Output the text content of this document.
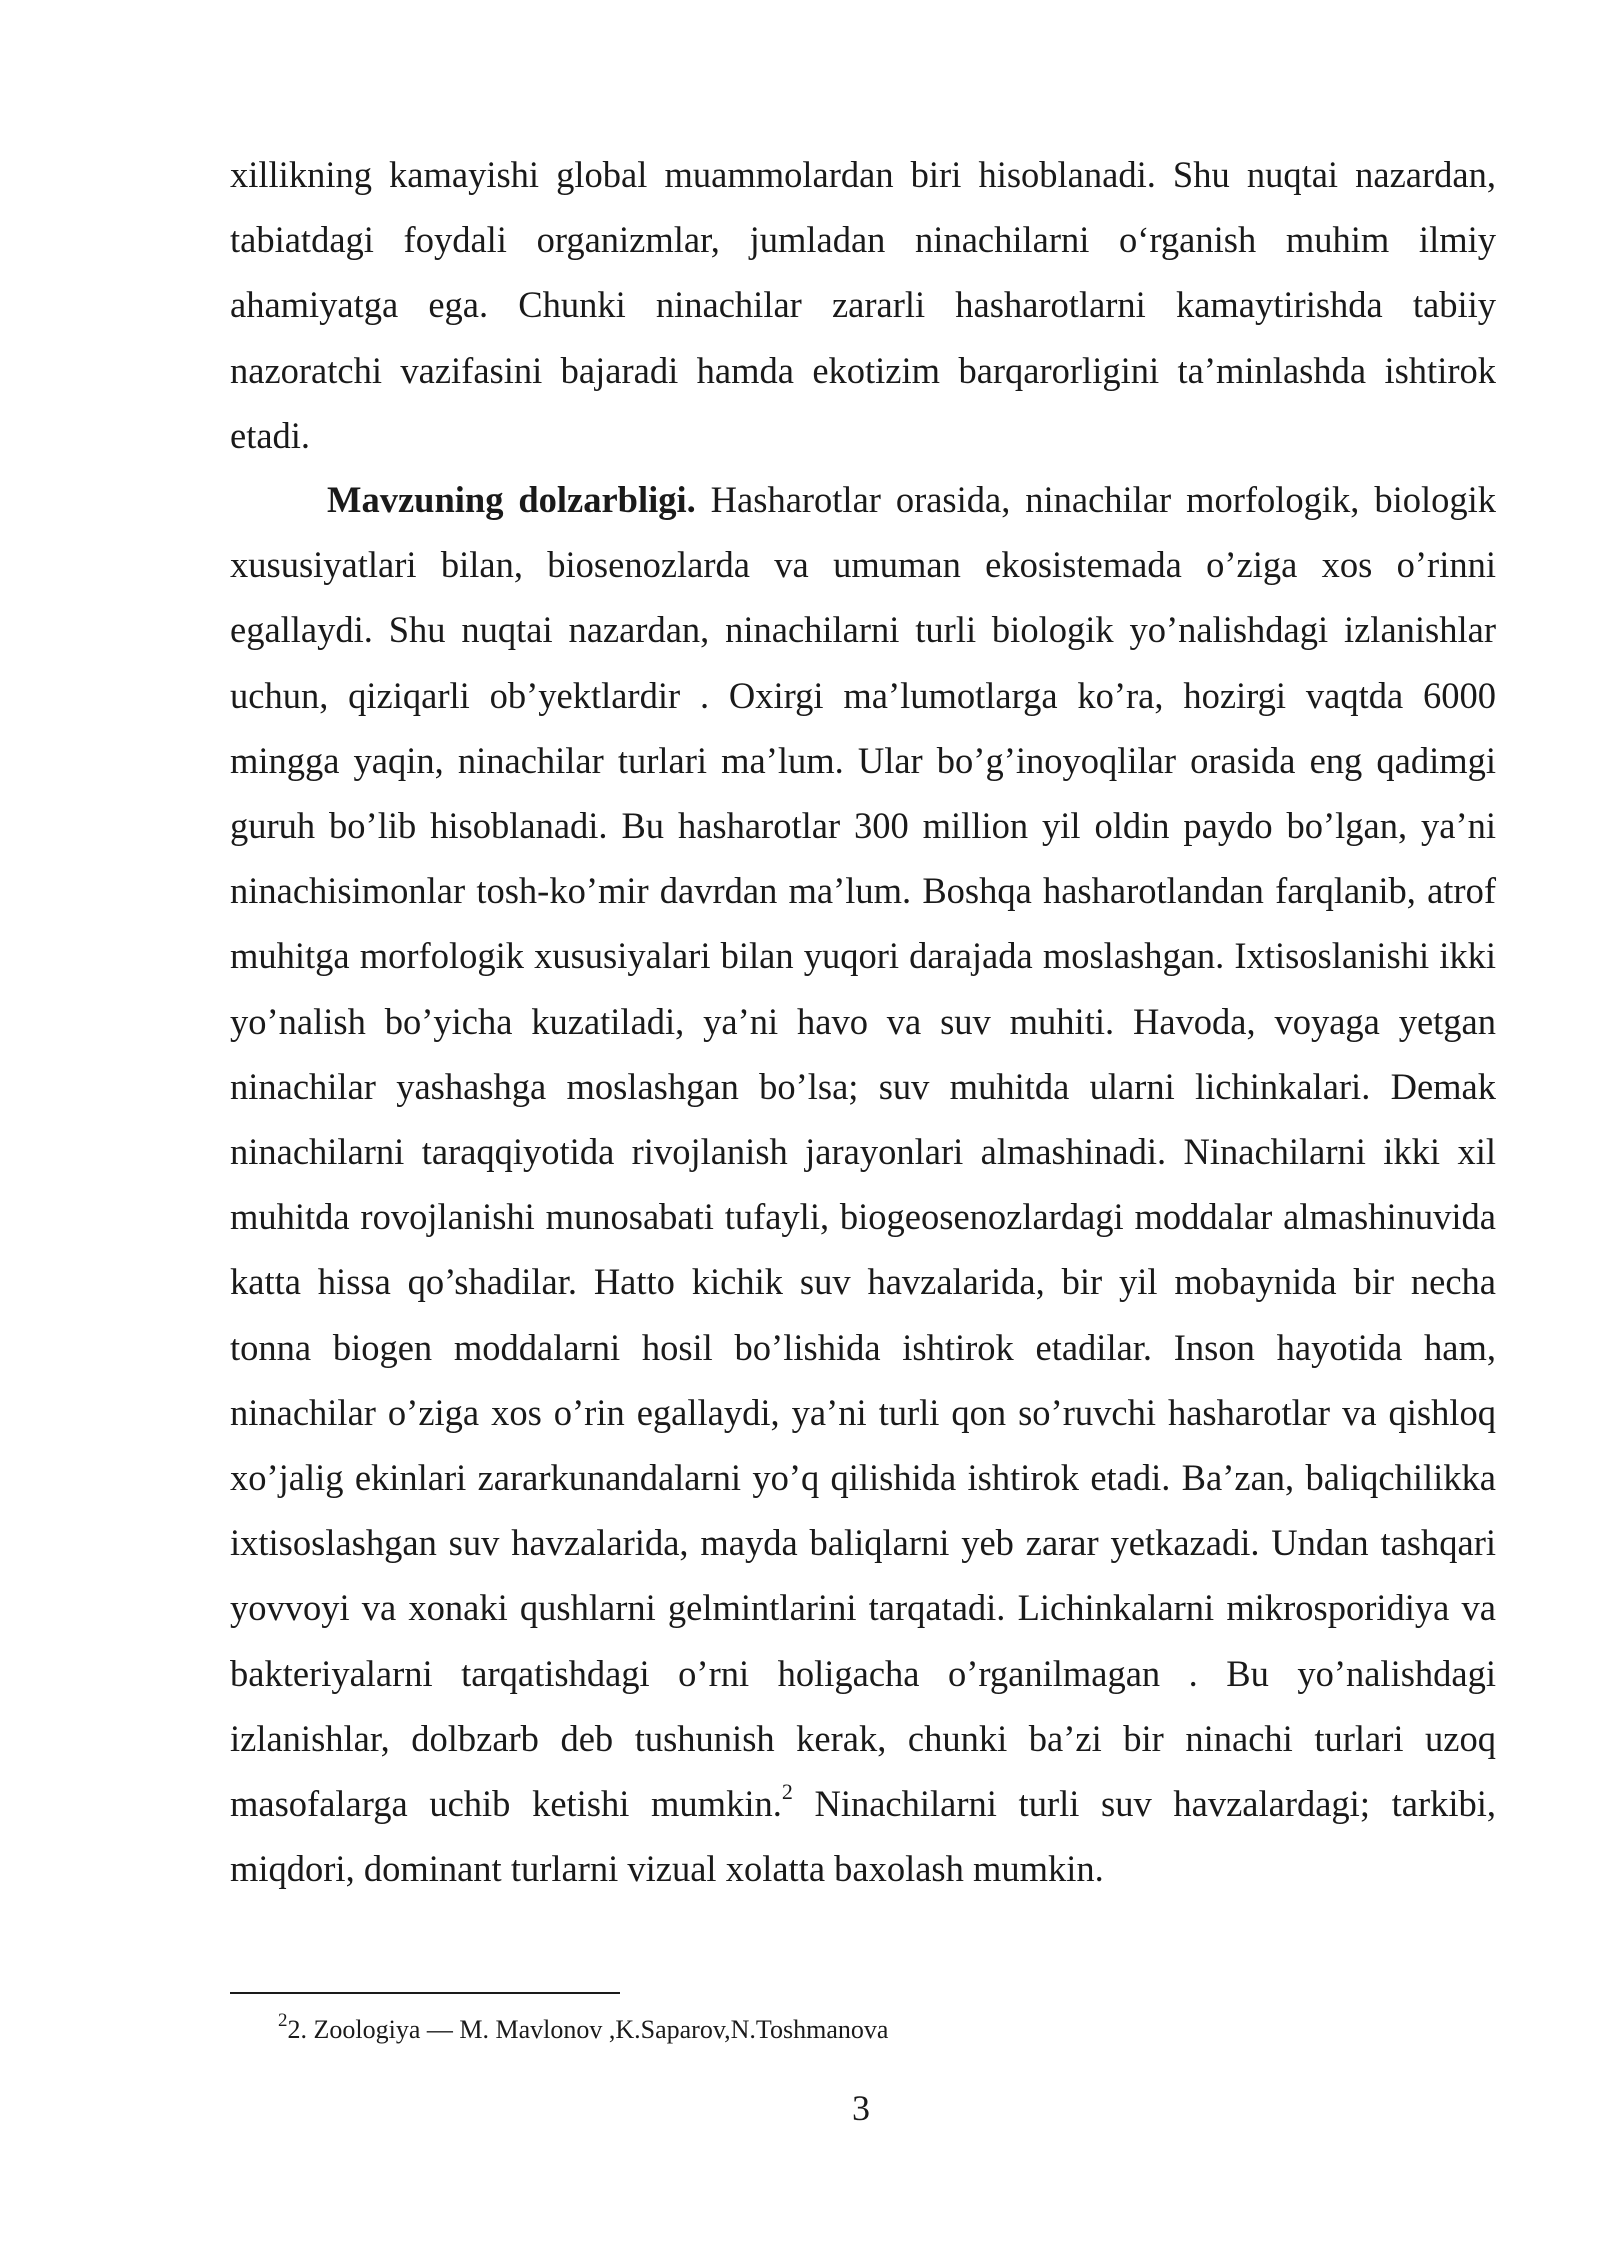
xillikning kamayishi global muammolardan biri hisoblanadi. Shu nuqtai nazardan, tabiatdagi foydali organizmlar, jumladan ninachilarni o‘rganish muhim ilmiy ahamiyatga ega. Chunki ninachilar zararli hasharotlarni kamaytirishda tabiiy nazoratchi vazifasini bajaradi hamda ekotizim barqarorligini ta’minlashda ishtirok etadi.

Mavzuning dolzarbligi. Hasharotlar orasida, ninachilar morfologik, biologik xususiyatlari bilan, biosenozlarda va umuman ekosistemada o’ziga xos o’rinni egallaydi. Shu nuqtai nazardan, ninachilarni turli biologik yo’nalishdagi izlanishlar uchun, qiziqarli ob’yektlardir . Oxirgi ma’lumotlarga ko’ra, hozirgi vaqtda 6000 mingga yaqin, ninachilar turlari ma’lum. Ular bo’g’inoyoqlilar orasida eng qadimgi guruh bo’lib hisoblanadi. Bu hasharotlar 300 million yil oldin paydo bo’lgan, ya’ni ninachisimonlar tosh-ko’mir davrdan ma’lum. Boshqa hasharotlandan farqlanib, atrof muhitga morfologik xususiyalari bilan yuqori darajada moslashgan. Ixtisoslanishi ikki yo’nalish bo’yicha kuzatiladi, ya’ni havo va suv muhiti. Havoda, voyaga yetgan ninachilar yashashga moslashgan bo’lsa; suv muhitda ularni lichinkalari. Demak ninachilarni taraqqiyotida rivojlanish jarayonlari almashinadi. Ninachilarni ikki xil muhitda rovojlanishi munosabati tufayli, biogeosenozlardagi moddalar almashinuvida katta hissa qo’shadilar. Hatto kichik suv havzalarida, bir yil mobaynida bir necha tonna biogen moddalarni hosil bo’lishida ishtirok etadilar. Inson hayotida ham, ninachilar o’ziga xos o’rin egallaydi, ya’ni turli qon so’ruvchi hasharotlar va qishloq xo’jalig ekinlari zararkunandalarni yo’q qilishida ishtirok etadi. Ba’zan, baliqchilikka ixtisoslashgan suv havzalarida, mayda baliqlarni yeb zarar yetkazadi. Undan tashqari yovvoyi va xonaki qushlarni gelmintlarini tarqatadi. Lichinkalarni mikrosporidiya va bakteriyalarni tarqatishdagi o’rni holigacha o’rganilmagan . Bu yo’nalishdagi izlanishlar, dolbzarb deb tushunish kerak, chunki ba’zi bir ninachi turlari uzoq masofalarga uchib ketishi mumkin.$^2$ Ninachilarni turli suv havzalardagi; tarkibi, miqdori, dominant turlarni vizual xolatta baxolash mumkin.

$^2$2. Zoologiya — M. Mavlonov ,K.Saparov,N.Toshmanova

3
